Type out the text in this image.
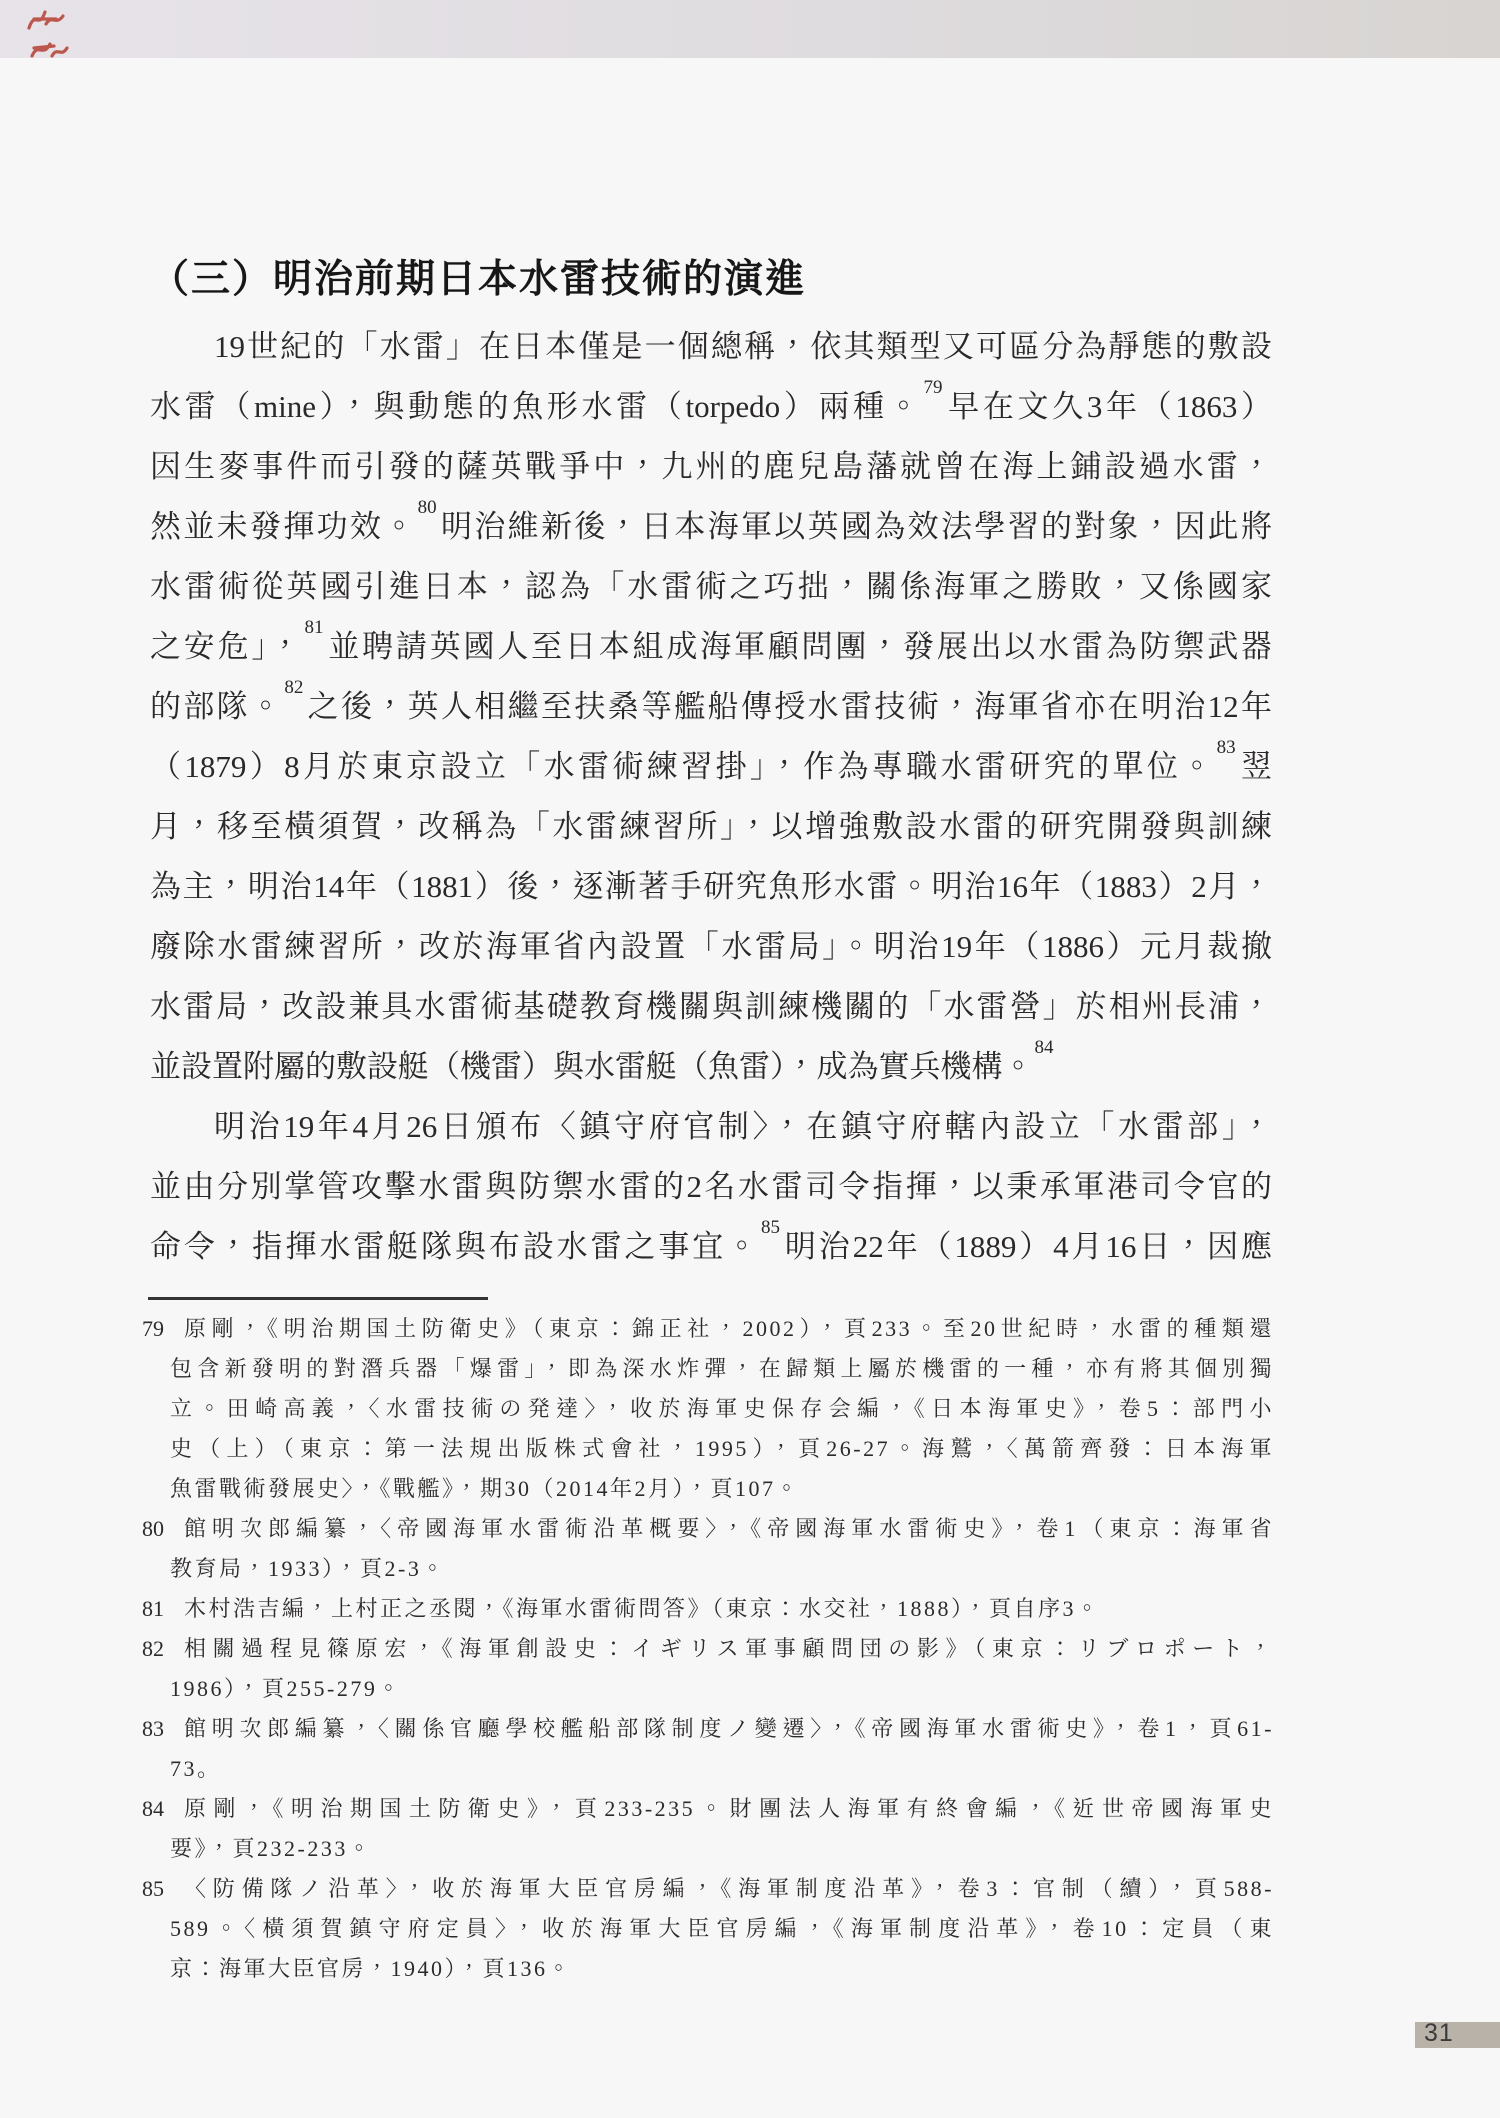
（三）明治前期日本水雷技術的演進
19世紀的「水雷」在日本僅是一個總稱，依其類型又可區分為靜態的敷設
水雷（mine），與動態的魚形水雷（torpedo）兩種。$^{79}$早在文久3年（1863）
因生麥事件而引發的薩英戰爭中，九州的鹿兒島藩就曾在海上鋪設過水雷，
然並未發揮功效。$^{80}$明治維新後，日本海軍以英國為效法學習的對象，因此將
水雷術從英國引進日本，認為「水雷術之巧拙，關係海軍之勝敗，又係國家
之安危」，$^{81}$並聘請英國人至日本組成海軍顧問團，發展出以水雷為防禦武器
的部隊。$^{82}$之後，英人相繼至扶桑等艦船傳授水雷技術，海軍省亦在明治12年
（1879）8月於東京設立「水雷術練習掛」，作為專職水雷研究的單位。$^{83}$翌
月，移至橫須賀，改稱為「水雷練習所」，以增強敷設水雷的研究開發與訓練
為主，明治14年（1881）後，逐漸著手研究魚形水雷。明治16年（1883）2月，
廢除水雷練習所，改於海軍省內設置「水雷局」。明治19年（1886）元月裁撤
水雷局，改設兼具水雷術基礎教育機關與訓練機關的「水雷營」於相州長浦，
並設置附屬的敷設艇（機雷）與水雷艇（魚雷），成為實兵機構。$^{84}$
明治19年4月26日頒布〈鎮守府官制〉，在鎮守府轄內設立「水雷部」，
並由分別掌管攻擊水雷與防禦水雷的2名水雷司令指揮，以秉承軍港司令官的
命令，指揮水雷艇隊與布設水雷之事宜。$^{85}$明治22年（1889）4月16日，因應
79 原剛，《明治期国土防衛史》（東京：錦正社，2002），頁233。至20世紀時，水雷的種類還
包含新發明的對潛兵器「爆雷」，即為深水炸彈，在歸類上屬於機雷的一種，亦有將其個別獨
立。田崎高義，〈水雷技術の発達〉，收於海軍史保存会編，《日本海軍史》，卷5：部門小
史（上）（東京：第一法規出版株式會社，1995），頁26-27。海鷲，〈萬箭齊發：日本海軍
魚雷戰術發展史〉，《戰艦》，期30（2014年2月），頁107。
80 館明次郎編纂，〈帝國海軍水雷術沿革概要〉，《帝國海軍水雷術史》，卷1（東京：海軍省
教育局，1933），頁2-3。
81 木村浩吉編，上村正之丞閱，《海軍水雷術問答》（東京：水交社，1888），頁自序3。
82 相關過程見篠原宏，《海軍創設史：イギリス軍事顧問団の影》（東京：リブロポート，
1986），頁255-279。
83 館明次郎編纂，〈關係官廳學校艦船部隊制度ノ變遷〉，《帝國海軍水雷術史》，卷1，頁61-
73。
84 原剛，《明治期国土防衛史》，頁233-235。財團法人海軍有終會編，《近世帝國海軍史
要》，頁232-233。
85 〈防備隊ノ沿革〉，收於海軍大臣官房編，《海軍制度沿革》，卷3：官制（續），頁588-
589。〈橫須賀鎮守府定員〉，收於海軍大臣官房編，《海軍制度沿革》，卷10：定員（東
京：海軍大臣官房，1940），頁136。
31
